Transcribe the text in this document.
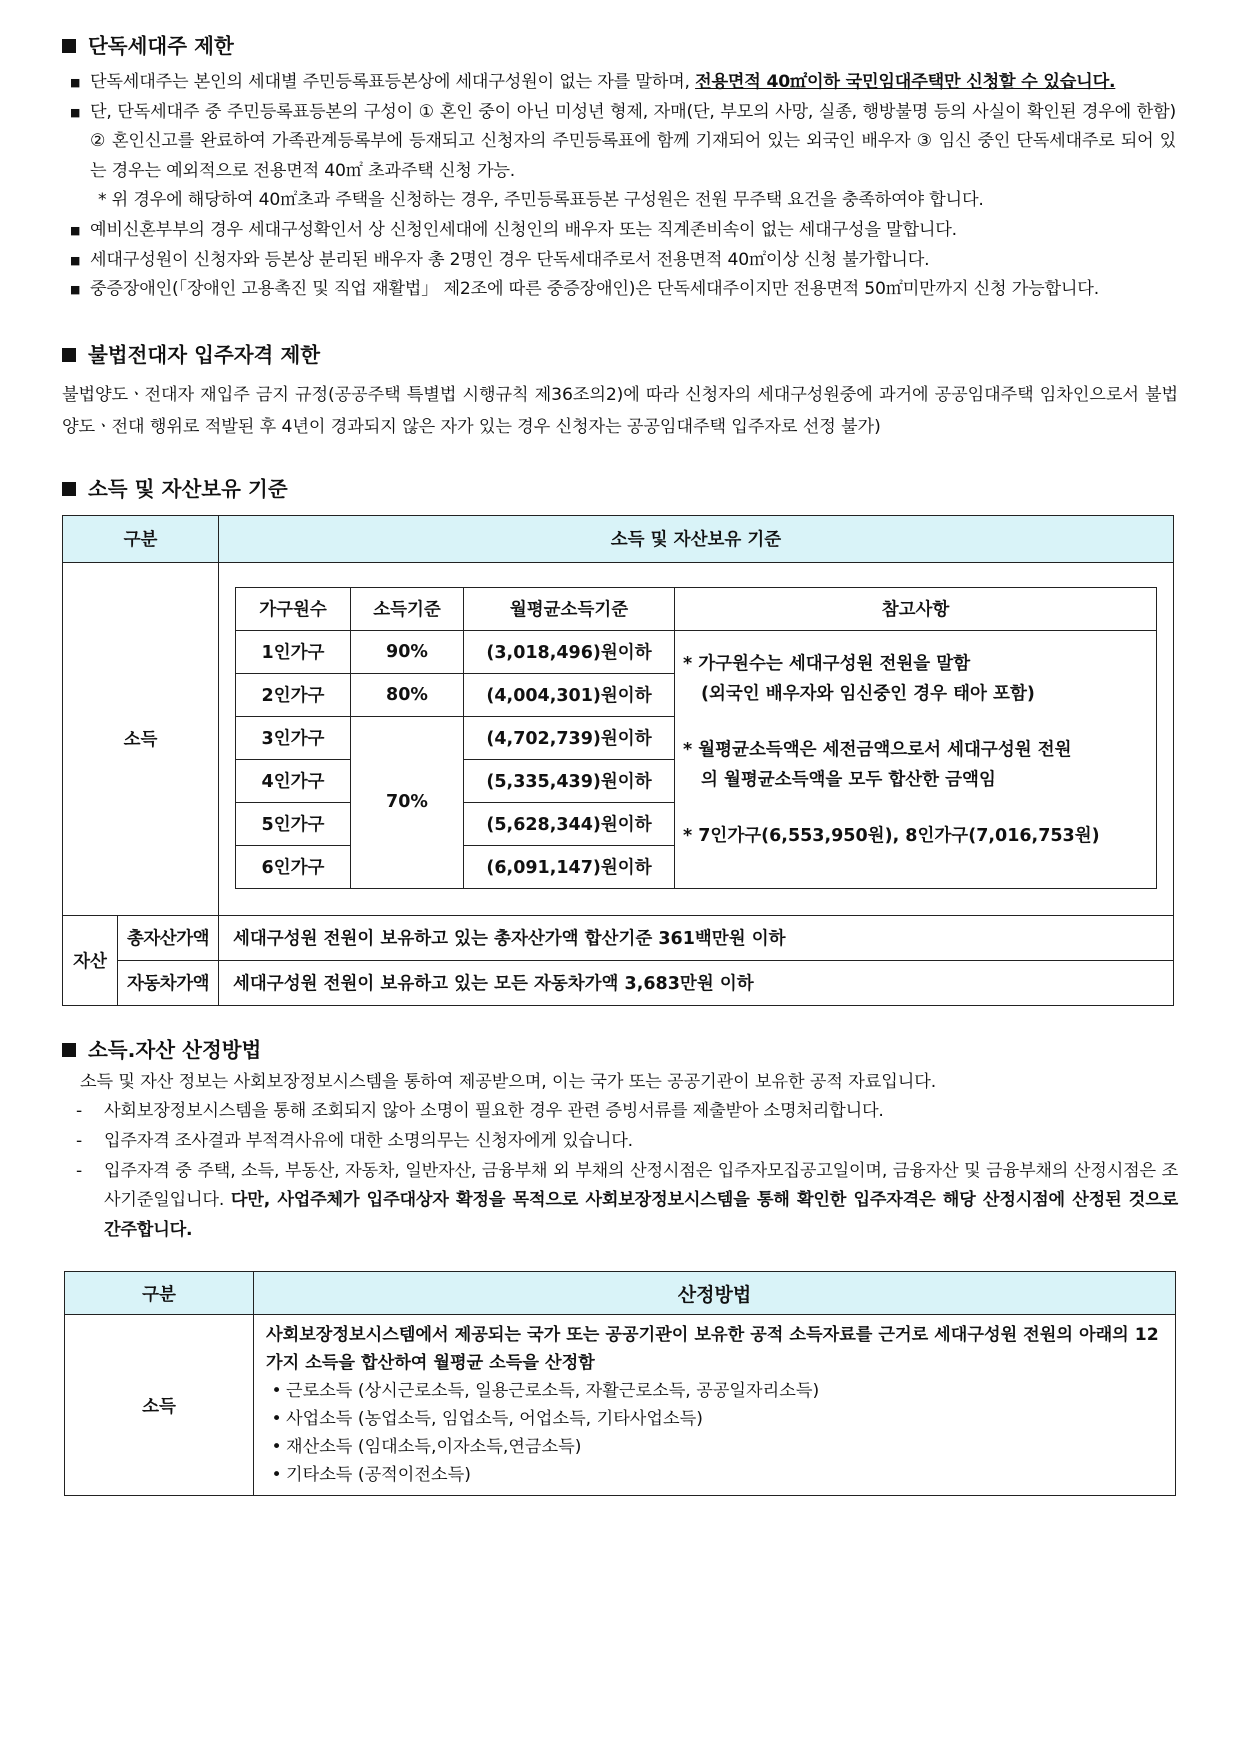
단독세대주 제한

■ 단독세대주는 본인의 세대별 주민등록표등본상에 세대구성원이 없는 자를 말하며, 전용면적 40㎡이하 국민임대주택만 신청할 수 있습니다.

■ 단, 단독세대주 중 주민등록표등본의 구성이 ① 혼인 중이 아닌 미성년 형제, 자매(단, 부모의 사망, 실종, 행방불명 등의 사실이 확인된 경우에 한함) ② 혼인신고를 완료하여 가족관계등록부에 등재되고 신청자의 주민등록표에 함께 기재되어 있는 외국인 배우자 ③ 임신 중인 단독세대주로 되어 있는 경우는 예외적으로 전용면적 40㎡ 초과주택 신청 가능.

* 위 경우에 해당하여 40㎡초과 주택을 신청하는 경우, 주민등록표등본 구성원은 전원 무주택 요건을 충족하여야 합니다.

■ 예비신혼부부의 경우 세대구성확인서 상 신청인세대에 신청인의 배우자 또는 직계존비속이 없는 세대구성을 말합니다.

■ 세대구성원이 신청자와 등본상 분리된 배우자 총 2명인 경우 단독세대주로서 전용면적 40㎡이상 신청 불가합니다.

■ 중증장애인(「장애인 고용촉진 및 직업 재활법」 제2조에 따른 중증장애인)은 단독세대주이지만 전용면적 50㎡미만까지 신청 가능합니다.

불법전대자 입주자격 제한

불법양도ㆍ전대자 재입주 금지 규정(공공주택 특별법 시행규칙 제36조의2)에 따라 신청자의 세대구성원중에 과거에 공공임대주택 임차인으로서 불법양도ㆍ전대 행위로 적발된 후 4년이 경과되지 않은 자가 있는 경우 신청자는 공공임대주택 입주자로 선정 불가)

소득 및 자산보유 기준
구분	소득 및 자산보유 기준
소득	
가구원수	소득기준	월평균소득기준	참고사항
1인가구	90%	(3,018,496)원이하	
* 가구원수는 세대구성원 전원을 말함
(외국인 배우자와 임신중인 경우 태아 포함)
* 월평균소득액은 세전금액으로서 세대구성원 전원
의 월평균소득액을 모두 합산한 금액임
* 7인가구(6,553,950원), 8인가구(7,016,753원)

2인가구	80%	(4,004,301)원이하
3인가구	70%	(4,702,739)원이하
4인가구	(5,335,439)원이하
5인가구	(5,628,344)원이하
6인가구	(6,091,147)원이하

자산	총자산가액	세대구성원 전원이 보유하고 있는 총자산가액 합산기준 361백만원 이하
자동차가액	세대구성원 전원이 보유하고 있는 모든 자동차가액 3,683만원 이하
소득.자산 산정방법

소득 및 자산 정보는 사회보장정보시스템을 통하여 제공받으며, 이는 국가 또는 공공기관이 보유한 공적 자료입니다.

- 사회보장정보시스템을 통해 조회되지 않아 소명이 필요한 경우 관련 증빙서류를 제출받아 소명처리합니다.

- 입주자격 조사결과 부적격사유에 대한 소명의무는 신청자에게 있습니다.

- 입주자격 중 주택, 소득, 부동산, 자동차, 일반자산, 금융부채 외 부채의 산정시점은 입주자모집공고일이며, 금융자산 및 금융부채의 산정시점은 조사기준일입니다. 다만, 사업주체가 입주대상자 확정을 목적으로 사회보장정보시스템을 통해 확인한 입주자격은 해당 산정시점에 산정된 것으로 간주합니다.

구분	산정방법
소득	사회보장정보시스템에서 제공되는 국가 또는 공공기관이 보유한 공적 소득자료를 근거로 세대구성원 전원의 아래의 12가지 소득을 합산하여 월평균 소득을 산정함
• 근로소득 (상시근로소득, 일용근로소득, 자활근로소득, 공공일자리소득)
• 사업소득 (농업소득, 임업소득, 어업소득, 기타사업소득)
• 재산소득 (임대소득,이자소득,연금소득)
• 기타소득 (공적이전소득)
